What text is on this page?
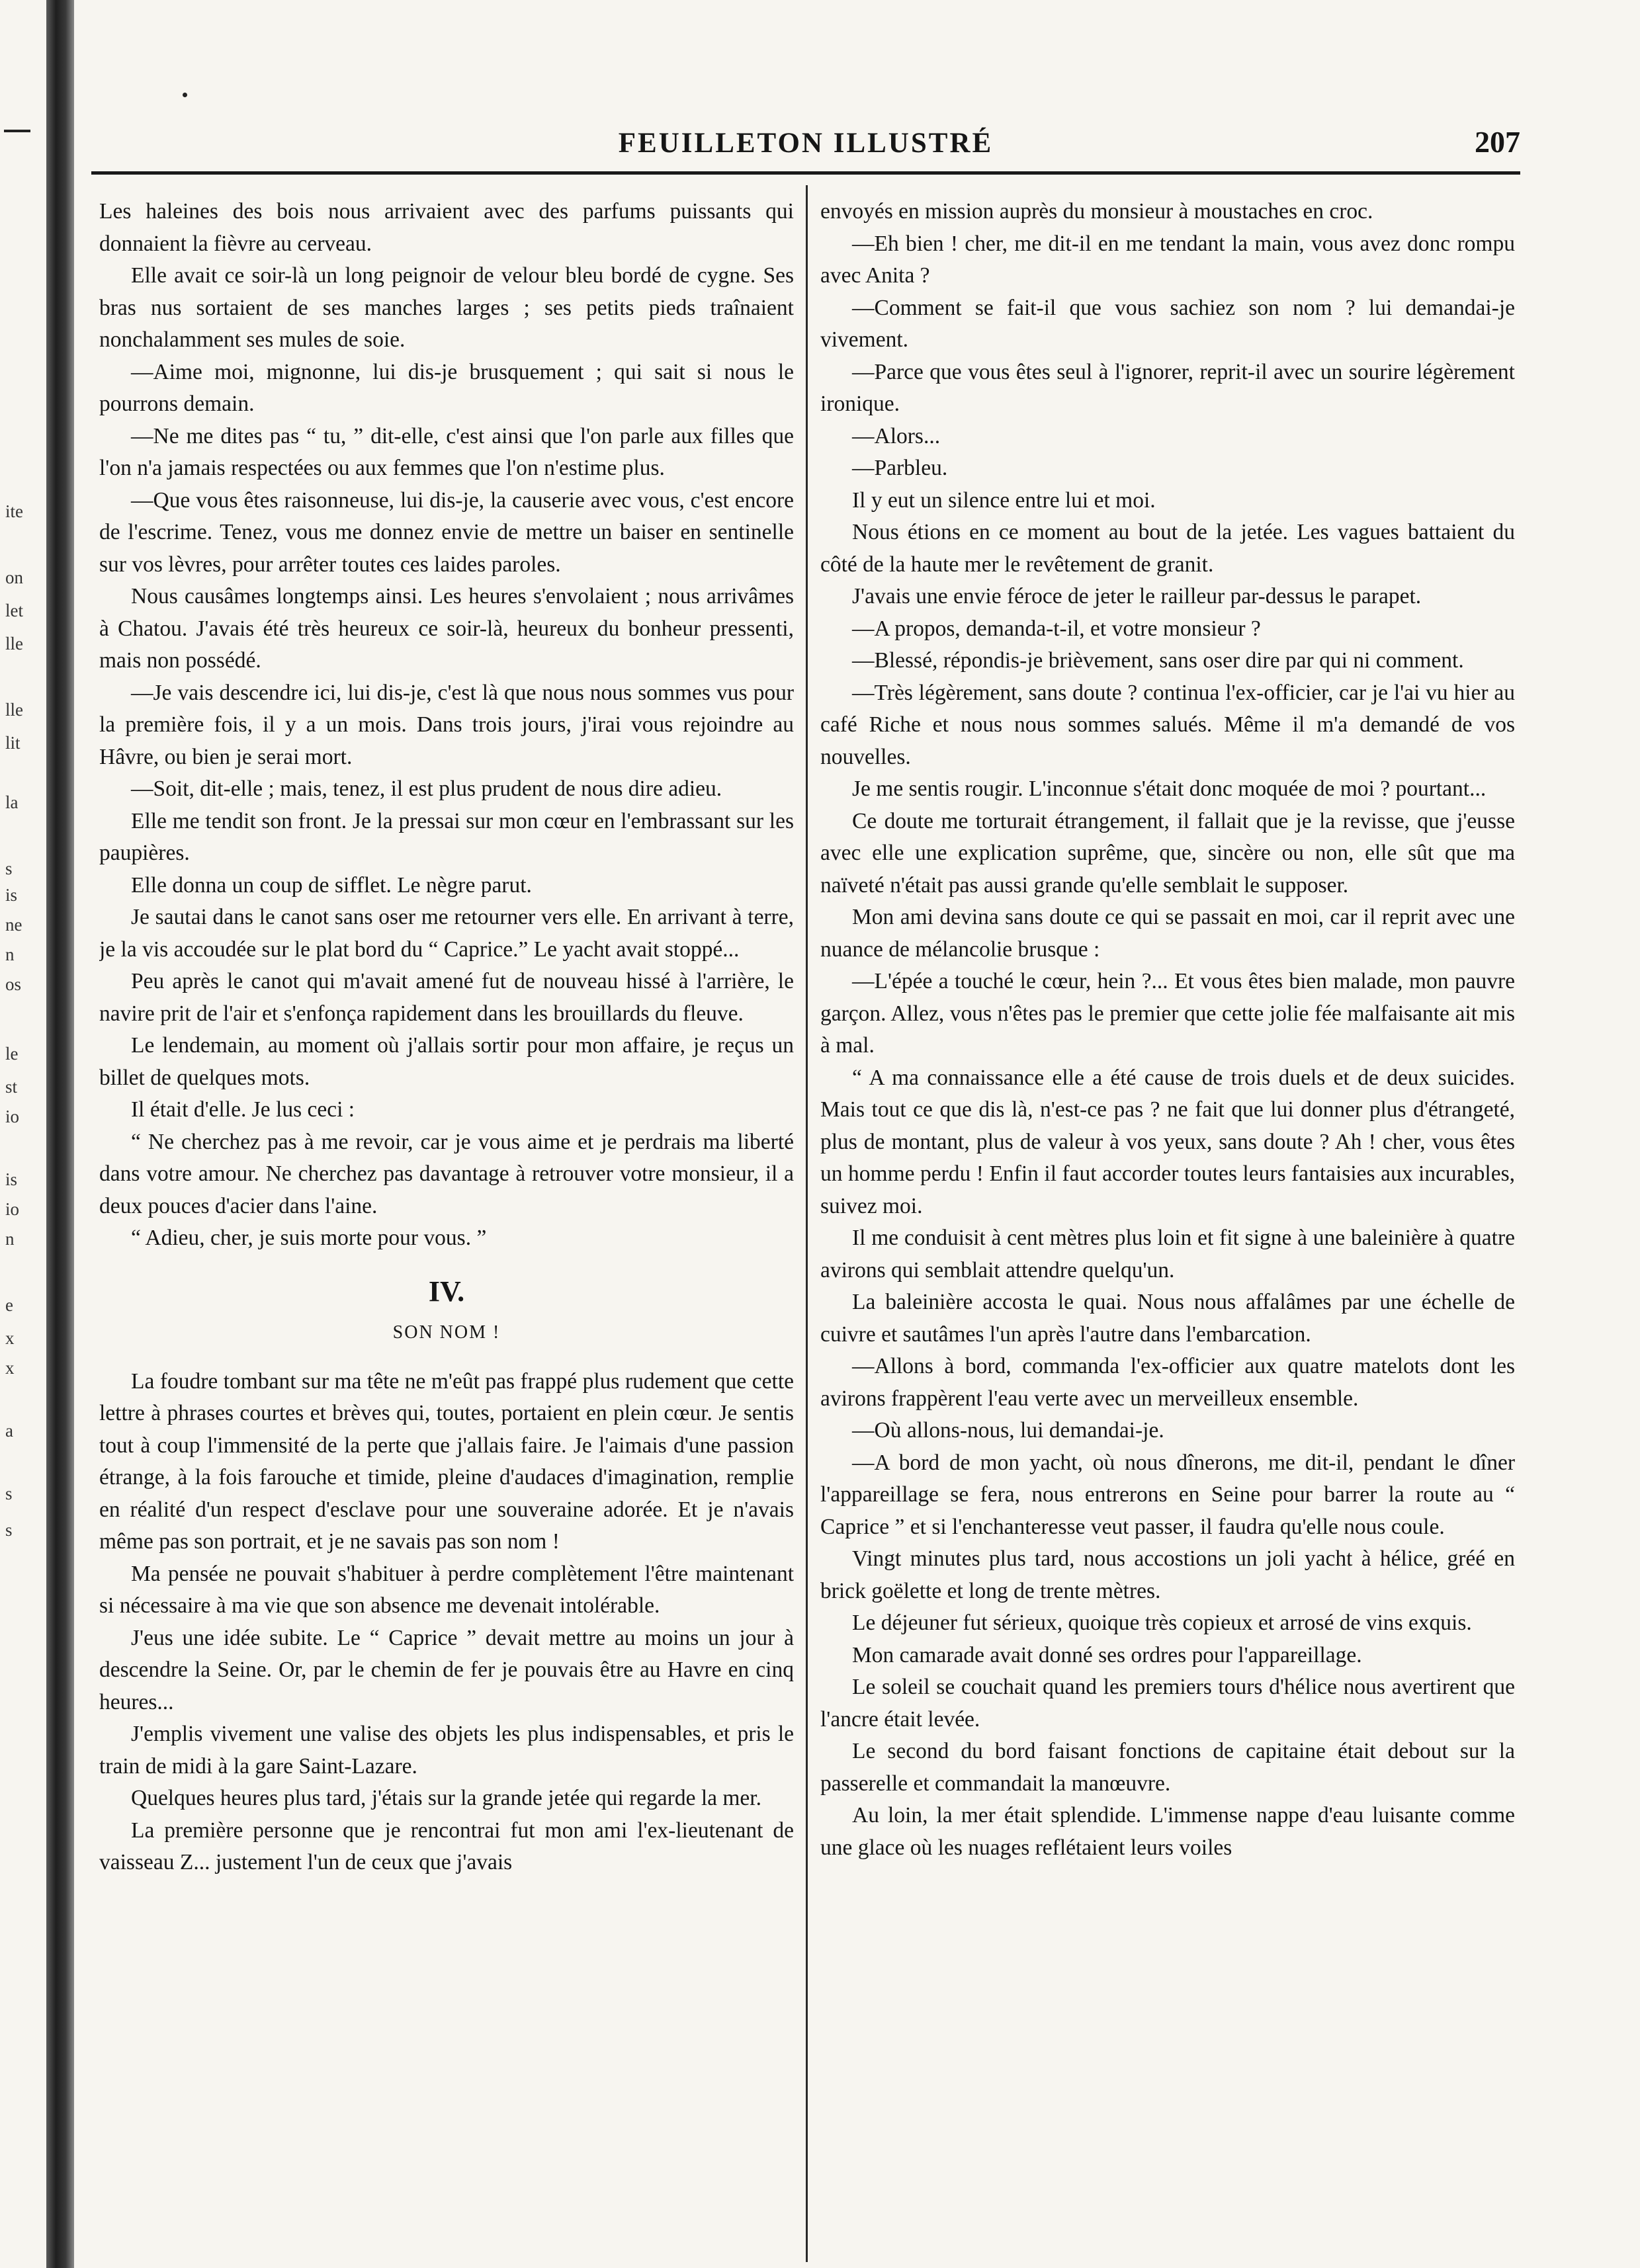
ite
on
let
lle
lle
lit
la
s
is
ne
n
os
le
st
io
is
io
n
e
x
x
a
s
s
FEUILLETON ILLUSTRÉ	207

Les haleines des bois nous arrivaient avec des parfums puissants qui donnaient la fièvre au cerveau.

Elle avait ce soir-là un long peignoir de velour bleu bordé de cygne. Ses bras nus sortaient de ses manches larges ; ses petits pieds traînaient nonchalamment ses mules de soie.

—Aime moi, mignonne, lui dis-je brusquement ; qui sait si nous le pourrons demain.

—Ne me dites pas “ tu, ” dit-elle, c'est ainsi que l'on parle aux filles que l'on n'a jamais respectées ou aux femmes que l'on n'estime plus.

—Que vous êtes raisonneuse, lui dis-je, la causerie avec vous, c'est encore de l'escrime. Tenez, vous me donnez envie de mettre un baiser en sentinelle sur vos lèvres, pour arrêter toutes ces laides paroles.

Nous causâmes longtemps ainsi. Les heures s'envolaient ; nous arrivâmes à Chatou. J'avais été très heureux ce soir-là, heureux du bonheur pressenti, mais non possédé.

—Je vais descendre ici, lui dis-je, c'est là que nous nous sommes vus pour la première fois, il y a un mois. Dans trois jours, j'irai vous rejoindre au Hâvre, ou bien je serai mort.

—Soit, dit-elle ; mais, tenez, il est plus prudent de nous dire adieu.

Elle me tendit son front. Je la pressai sur mon cœur en l'embrassant sur les paupières.

Elle donna un coup de sifflet. Le nègre parut.

Je sautai dans le canot sans oser me retourner vers elle. En arrivant à terre, je la vis accoudée sur le plat bord du “ Caprice.” Le yacht avait stoppé...

Peu après le canot qui m'avait amené fut de nouveau hissé à l'arrière, le navire prit de l'air et s'enfonça rapidement dans les brouillards du fleuve.

Le lendemain, au moment où j'allais sortir pour mon affaire, je reçus un billet de quelques mots.

Il était d'elle. Je lus ceci :

“ Ne cherchez pas à me revoir, car je vous aime et je perdrais ma liberté dans votre amour. Ne cherchez pas davantage à retrouver votre monsieur, il a deux pouces d'acier dans l'aine.

“ Adieu, cher, je suis morte pour vous. ”

IV.
SON NOM !

La foudre tombant sur ma tête ne m'eût pas frappé plus rudement que cette lettre à phrases courtes et brèves qui, toutes, portaient en plein cœur. Je sentis tout à coup l'immensité de la perte que j'allais faire. Je l'aimais d'une passion étrange, à la fois farouche et timide, pleine d'audaces d'imagination, remplie en réalité d'un respect d'esclave pour une souveraine adorée. Et je n'avais même pas son portrait, et je ne savais pas son nom !

Ma pensée ne pouvait s'habituer à perdre complètement l'être maintenant si nécessaire à ma vie que son absence me devenait intolérable.

J'eus une idée subite. Le “ Caprice ” devait mettre au moins un jour à descendre la Seine. Or, par le chemin de fer je pouvais être au Havre en cinq heures...

J'emplis vivement une valise des objets les plus indispensables, et pris le train de midi à la gare Saint-Lazare.

Quelques heures plus tard, j'étais sur la grande jetée qui regarde la mer.

La première personne que je rencontrai fut mon ami l'ex-lieutenant de vaisseau Z... justement l'un de ceux que j'avais

envoyés en mission auprès du monsieur à moustaches en croc.

—Eh bien ! cher, me dit-il en me tendant la main, vous avez donc rompu avec Anita ?

—Comment se fait-il que vous sachiez son nom ? lui demandai-je vivement.

—Parce que vous êtes seul à l'ignorer, reprit-il avec un sourire légèrement ironique.

—Alors...

—Parbleu.

Il y eut un silence entre lui et moi.

Nous étions en ce moment au bout de la jetée. Les vagues battaient du côté de la haute mer le revêtement de granit.

J'avais une envie féroce de jeter le railleur par-dessus le parapet.

—A propos, demanda-t-il, et votre monsieur ?

—Blessé, répondis-je brièvement, sans oser dire par qui ni comment.

—Très légèrement, sans doute ? continua l'ex-officier, car je l'ai vu hier au café Riche et nous nous sommes salués. Même il m'a demandé de vos nouvelles.

Je me sentis rougir. L'inconnue s'était donc moquée de moi ? pourtant...

Ce doute me torturait étrangement, il fallait que je la revisse, que j'eusse avec elle une explication suprême, que, sincère ou non, elle sût que ma naïveté n'était pas aussi grande qu'elle semblait le supposer.

Mon ami devina sans doute ce qui se passait en moi, car il reprit avec une nuance de mélancolie brusque :

—L'épée a touché le cœur, hein ?... Et vous êtes bien malade, mon pauvre garçon. Allez, vous n'êtes pas le premier que cette jolie fée malfaisante ait mis à mal.

“ A ma connaissance elle a été cause de trois duels et de deux suicides. Mais tout ce que dis là, n'est-ce pas ? ne fait que lui donner plus d'étrangeté, plus de montant, plus de valeur à vos yeux, sans doute ? Ah ! cher, vous êtes un homme perdu ! Enfin il faut accorder toutes leurs fantaisies aux incurables, suivez moi.

Il me conduisit à cent mètres plus loin et fit signe à une baleinière à quatre avirons qui semblait attendre quelqu'un.

La baleinière accosta le quai. Nous nous affalâmes par une échelle de cuivre et sautâmes l'un après l'autre dans l'embarcation.

—Allons à bord, commanda l'ex-officier aux quatre matelots dont les avirons frappèrent l'eau verte avec un merveilleux ensemble.

—Où allons-nous, lui demandai-je.

—A bord de mon yacht, où nous dînerons, me dit-il, pendant le dîner l'appareillage se fera, nous entrerons en Seine pour barrer la route au “ Caprice ” et si l'enchanteresse veut passer, il faudra qu'elle nous coule.

Vingt minutes plus tard, nous accostions un joli yacht à hélice, gréé en brick goëlette et long de trente mètres.

Le déjeuner fut sérieux, quoique très copieux et arrosé de vins exquis.

Mon camarade avait donné ses ordres pour l'appareillage.

Le soleil se couchait quand les premiers tours d'hélice nous avertirent que l'ancre était levée.

Le second du bord faisant fonctions de capitaine était debout sur la passerelle et commandait la manœuvre.

Au loin, la mer était splendide. L'immense nappe d'eau luisante comme une glace où les nuages reflétaient leurs voiles
